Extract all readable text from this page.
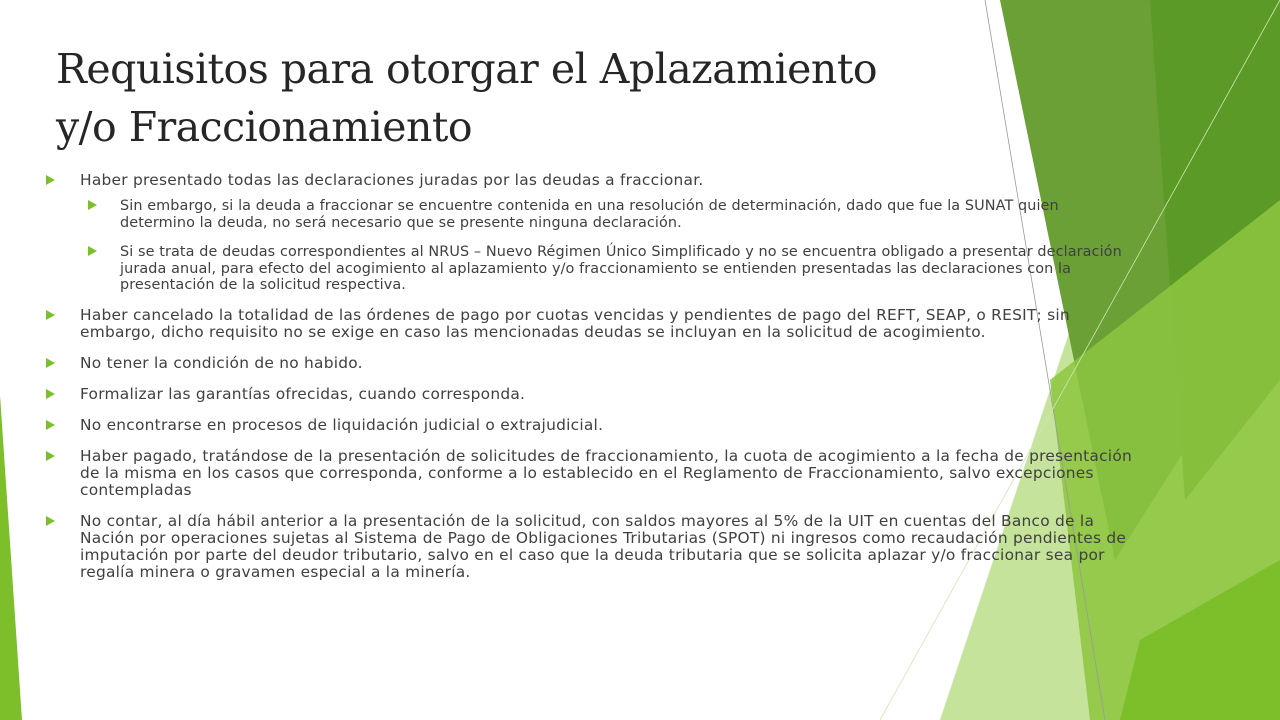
Requisitos para otorgar el Aplazamiento
y/o Fraccionamiento
Haber presentado todas las declaraciones juradas por las deudas a fraccionar.
Sin embargo, si la deuda a fraccionar se encuentre contenida en una resolución de determinación, dado que fue la SUNAT quien determino la deuda, no será necesario que se presente ninguna declaración.
Si se trata de deudas correspondientes al NRUS – Nuevo Régimen Único Simplificado y no se encuentra obligado a presentar declaración jurada anual, para efecto del acogimiento al aplazamiento y/o fraccionamiento se entienden presentadas las declaraciones con la presentación de la solicitud respectiva.
Haber cancelado la totalidad de las órdenes de pago por cuotas vencidas y pendientes de pago del REFT, SEAP, o RESIT; sin embargo, dicho requisito no se exige en caso las mencionadas deudas se incluyan en la solicitud de acogimiento.
No tener la condición de no habido.
Formalizar las garantías ofrecidas, cuando corresponda.
No encontrarse en procesos de liquidación judicial o extrajudicial.
Haber pagado, tratándose de la presentación de solicitudes de fraccionamiento, la cuota de acogimiento a la fecha de presentación de la misma en los casos que corresponda, conforme a lo establecido en el Reglamento de Fraccionamiento, salvo excepciones contempladas
No contar, al día hábil anterior a la presentación de la solicitud, con saldos mayores al 5% de la UIT en cuentas del Banco de la Nación por operaciones sujetas al Sistema de Pago de Obligaciones Tributarias (SPOT) ni ingresos como recaudación pendientes de imputación por parte del deudor tributario, salvo en el caso que la deuda tributaria que se solicita aplazar y/o fraccionar sea por regalía minera o gravamen especial a la minería.
